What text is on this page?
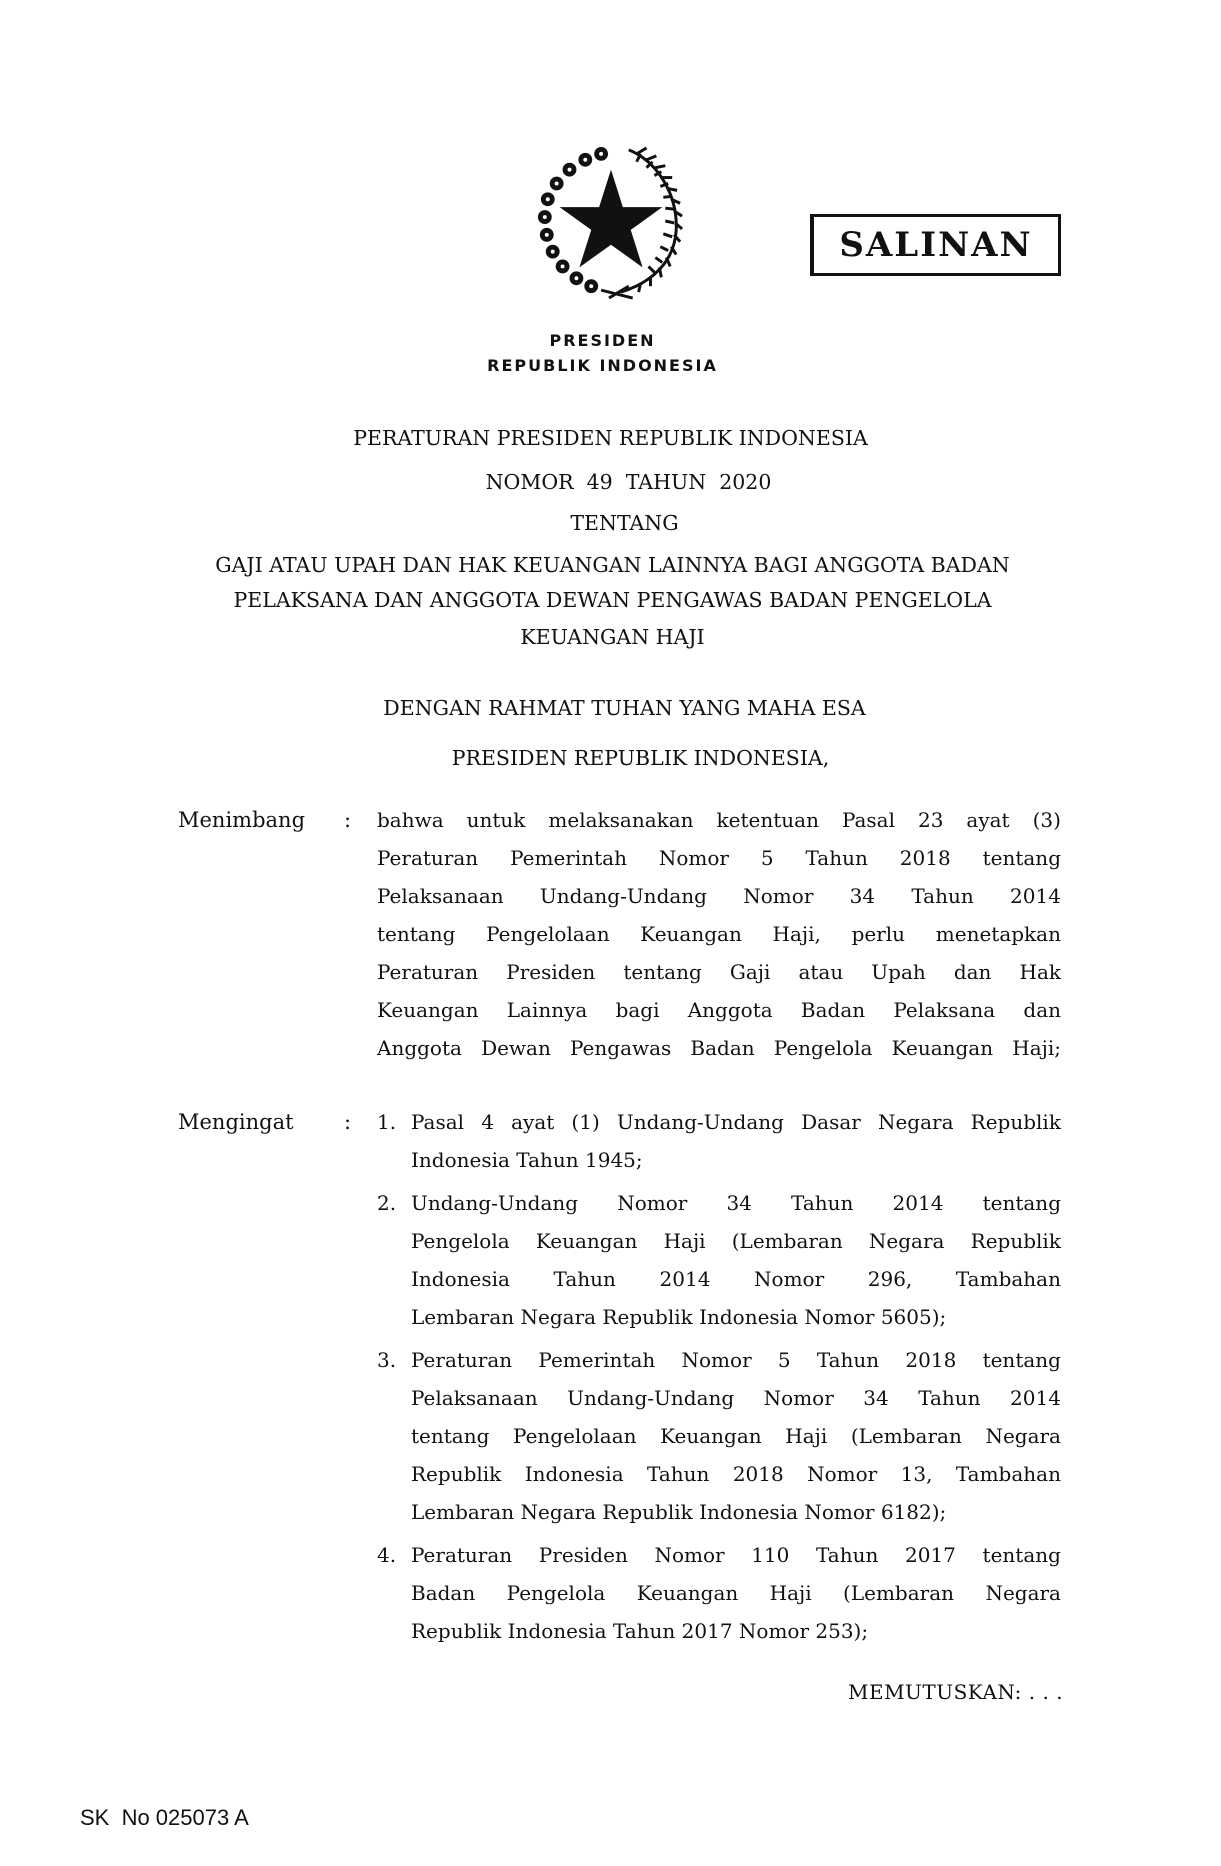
SALINAN
PRESIDEN
REPUBLIK INDONESIA
PERATURAN PRESIDEN REPUBLIK INDONESIA
NOMOR  49  TAHUN  2020
TENTANG
GAJI ATAU UPAH DAN HAK KEUANGAN LAINNYA BAGI ANGGOTA BADAN
PELAKSANA DAN ANGGOTA DEWAN PENGAWAS BADAN PENGELOLA
KEUANGAN HAJI
DENGAN RAHMAT TUHAN YANG MAHA ESA
PRESIDEN REPUBLIK INDONESIA,
Menimbang : bahwa untuk melaksanakan ketentuan Pasal 23 ayat (3)
Peraturan Pemerintah Nomor 5 Tahun 2018 tentang
Pelaksanaan Undang-Undang Nomor 34 Tahun 2014
tentang Pengelolaan Keuangan Haji, perlu menetapkan
Peraturan Presiden tentang Gaji atau Upah dan Hak
Keuangan Lainnya bagi Anggota Badan Pelaksana dan
Anggota Dewan Pengawas Badan Pengelola Keuangan Haji;
Mengingat : 1. Pasal 4 ayat (1) Undang-Undang Dasar Negara Republik
Indonesia Tahun 1945;
2. Undang-Undang Nomor 34 Tahun 2014 tentang
Pengelola Keuangan Haji (Lembaran Negara Republik
Indonesia Tahun 2014 Nomor 296, Tambahan
Lembaran Negara Republik Indonesia Nomor 5605);
3. Peraturan Pemerintah Nomor 5 Tahun 2018 tentang
Pelaksanaan Undang-Undang Nomor 34 Tahun 2014
tentang Pengelolaan Keuangan Haji (Lembaran Negara
Republik Indonesia Tahun 2018 Nomor 13, Tambahan
Lembaran Negara Republik Indonesia Nomor 6182);
4. Peraturan Presiden Nomor 110 Tahun 2017 tentang
Badan Pengelola Keuangan Haji (Lembaran Negara
Republik Indonesia Tahun 2017 Nomor 253);
MEMUTUSKAN: . . .
SK  No 025073 A
